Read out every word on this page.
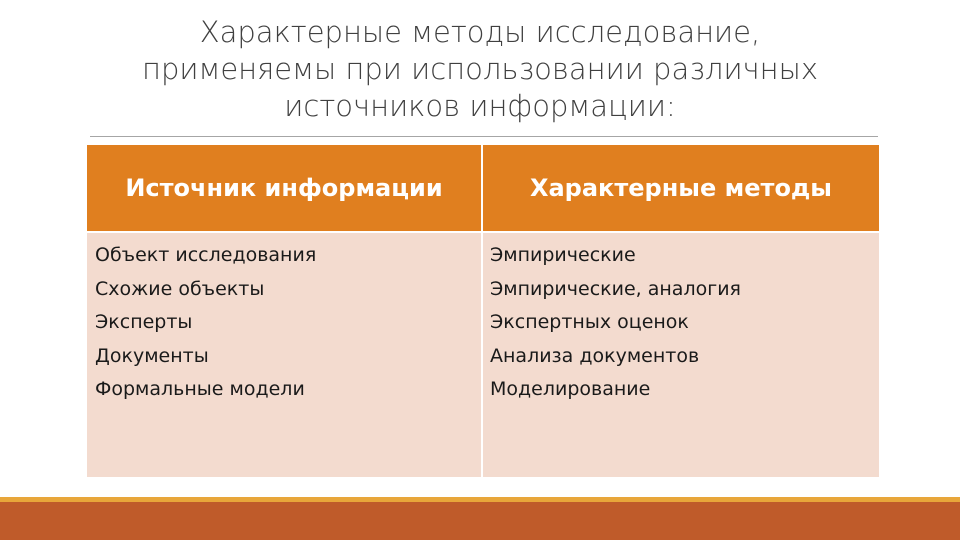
Характерные методы исследование,
применяемы при использовании различных
источников информации:
Источник информации	Характерные методы
Объект исследования
Схожие объекты
Эксперты
Документы
Формальные модели
Эмпирические
Эмпирические, аналогия
Экспертных оценок
Анализа документов
Моделирование
